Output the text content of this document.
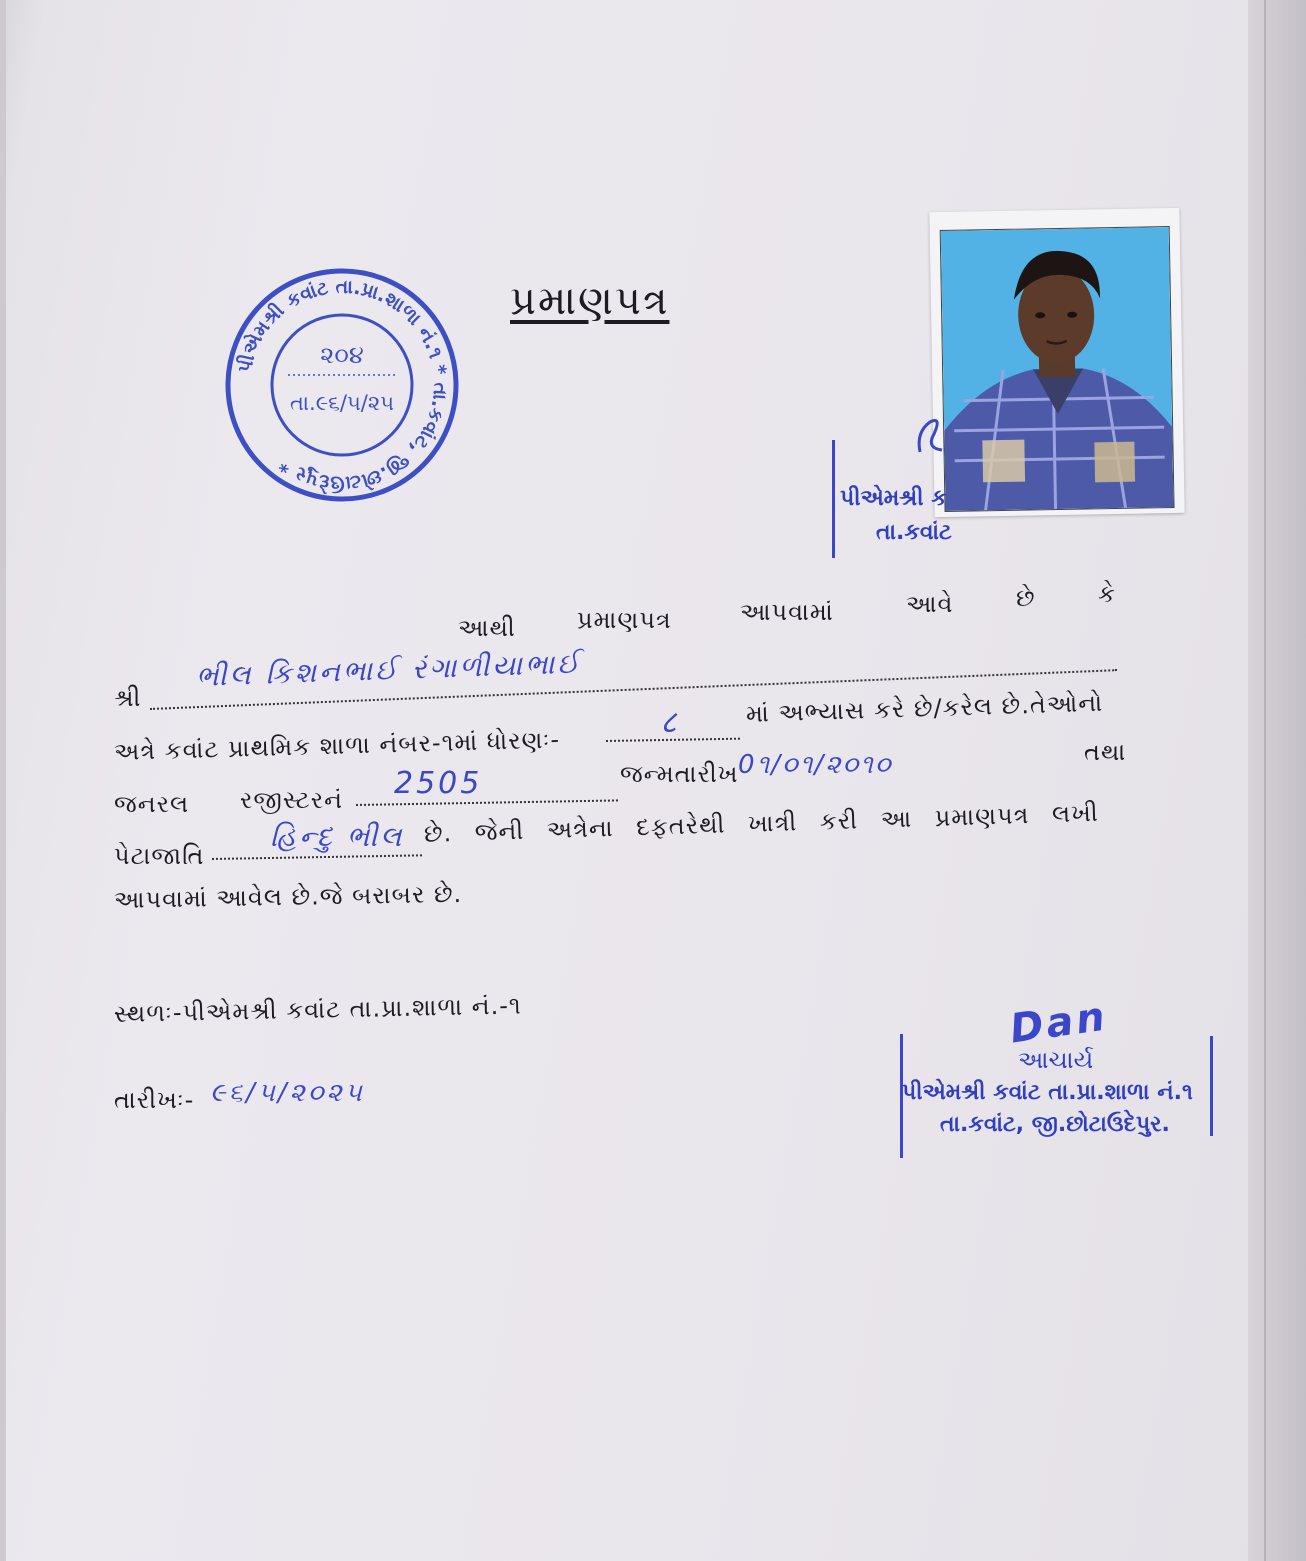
પીએમશ્રી કવાંટ તા.પ્રા.શાળા નં.૧ * તા.કવાંટ, જી.છોટાઉદેપુર *
૨૦૪
તા.૯૬/૫/૨૫
પ્રમાણપત્ર
પીએમશ્રી ક
તા.કવાંટ
આથી	પ્રમાણપત્ર	આપવામાં	આવે	છે	કે
શ્રી
ભીલ કિશનભાઈ રંગાળીયાભાઈ
અત્રે કવાંટ પ્રાથમિક શાળા નંબર-૧માં ધોરણઃ-
८	માં અભ્યાસ કરે છે/કરેલ છે.તેઓનો
જનરલ રજીસ્ટરનં 2505	જન્મતારીખ 0૧/૦૧/૨૦૧૦	તથા
પેટાજાતિ
હિન્દુ ભીલ છે. જેની અત્રેના દફતરેથી ખાત્રી કરી આ પ્રમાણપત્ર લખી
આપવામાં આવેલ છે.જે બરાબર છે.
સ્થળઃ-પીએમશ્રી કવાંટ તા.પ્રા.શાળા નં.-૧
તારીખઃ- ૯૬/૫/૨૦૨૫
Dan
આચાર્ય
પીએમશ્રી કવાંટ તા.પ્રા.શાળા નં.૧
તા.કવાંટ, જી.છોટાઉદેપુર.
